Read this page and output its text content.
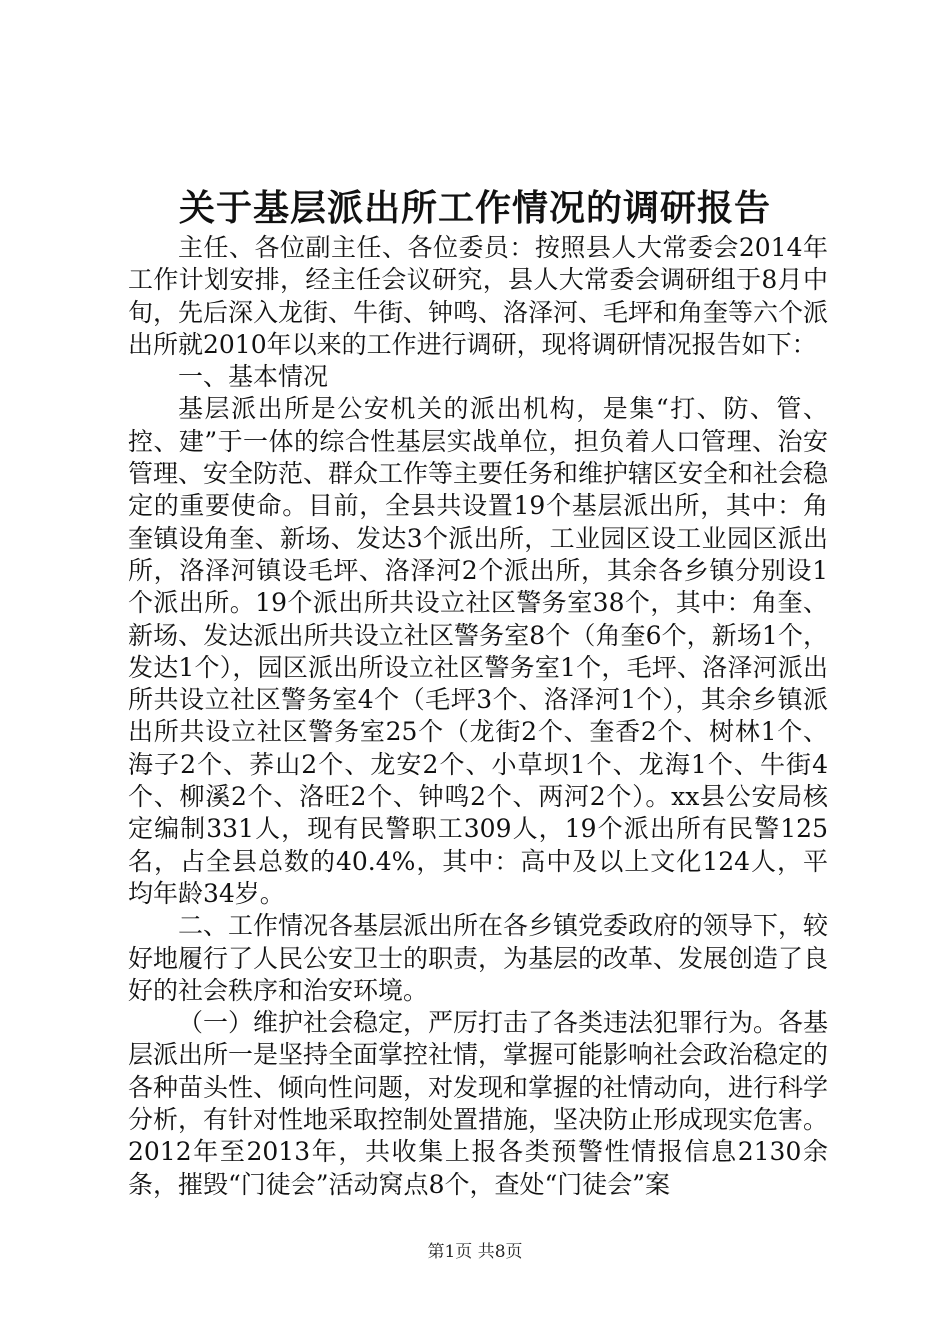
关于基层派出所工作情况的调研报告

主任、各位副主任、各位委员：按照县人大常委会2014年工作计划安排，经主任会议研究，县人大常委会调研组于8月中旬，先后深入龙街、牛街、钟鸣、洛泽河、毛坪和角奎等六个派出所就2010年以来的工作进行调研，现将调研情况报告如下：

一、基本情况

基层派出所是公安机关的派出机构，是集“打、防、管、控、建”于一体的综合性基层实战单位，担负着人口管理、治安管理、安全防范、群众工作等主要任务和维护辖区安全和社会稳定的重要使命。目前，全县共设置19个基层派出所，其中：角奎镇设角奎、新场、发达3个派出所，工业园区设工业园区派出所，洛泽河镇设毛坪、洛泽河2个派出所，其余各乡镇分别设1个派出所。19个派出所共设立社区警务室38个，其中：角奎、新场、发达派出所共设立社区警务室8个（角奎6个，新场1个，发达1个），园区派出所设立社区警务室1个，毛坪、洛泽河派出所共设立社区警务室4个（毛坪3个、洛泽河1个），其余乡镇派出所共设立社区警务室25个（龙街2个、奎香2个、树林1个、海子2个、荞山2个、龙安2个、小草坝1个、龙海1个、牛街4个、柳溪2个、洛旺2个、钟鸣2个、两河2个）。xx县公安局核定编制331人，现有民警职工309人，19个派出所有民警125名，占全县总数的40.4%，其中：高中及以上文化124人，平均年龄34岁。

二、工作情况各基层派出所在各乡镇党委政府的领导下，较好地履行了人民公安卫士的职责，为基层的改革、发展创造了良好的社会秩序和治安环境。

（一）维护社会稳定，严厉打击了各类违法犯罪行为。各基层派出所一是坚持全面掌控社情，掌握可能影响社会政治稳定的各种苗头性、倾向性问题，对发现和掌握的社情动向，进行科学分析，有针对性地采取控制处置措施，坚决防止形成现实危害。2012年至2013年，共收集上报各类预警性情报信息2130余条，摧毁“门徒会”活动窝点8个，查处“门徒会”案

第1页 共8页
